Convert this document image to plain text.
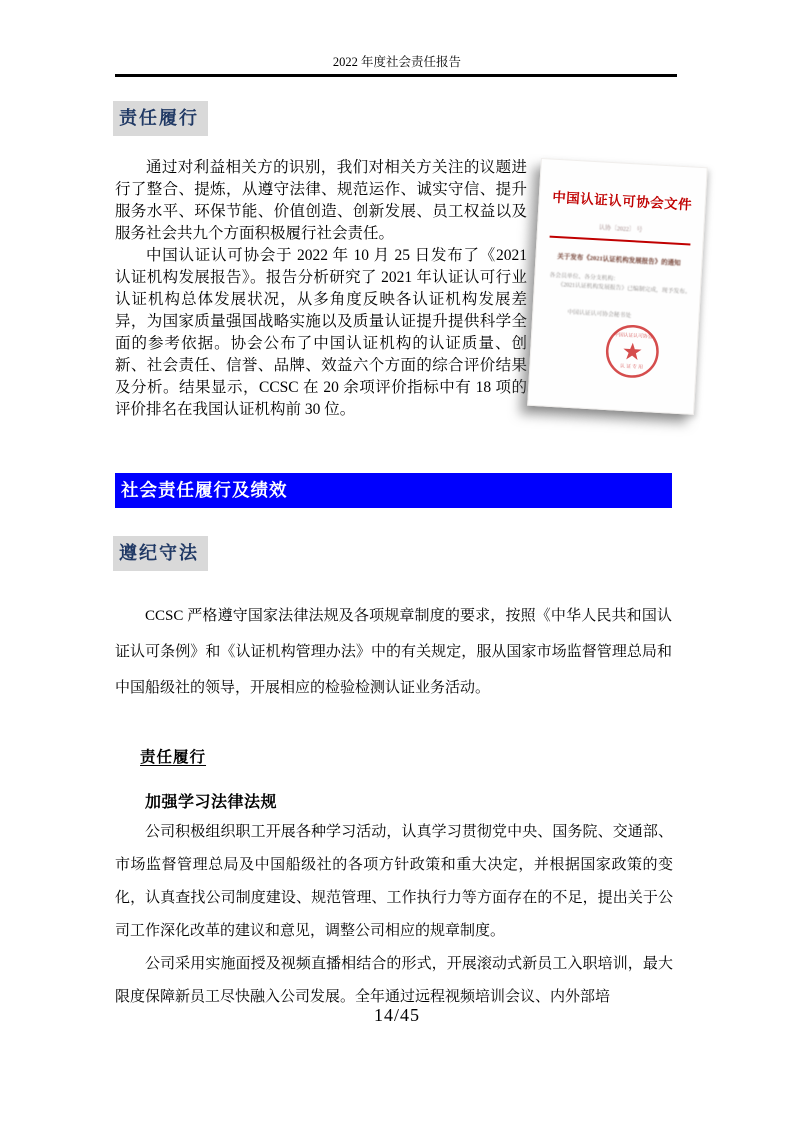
2022 年度社会责任报告
责任履行

通过对利益相关方的识别，我们对相关方关注的议题进行了整合、提炼，从遵守法律、规范运作、诚实守信、提升服务水平、环保节能、价值创造、创新发展、员工权益以及服务社会共九个方面积极履行社会责任。

中国认证认可协会于 2022 年 10 月 25 日发布了《2021 认证机构发展报告》。报告分析研究了 2021 年认证认可行业认证机构总体发展状况，从多角度反映各认证机构发展差异，为国家质量强国战略实施以及质量认证提升提供科学全面的参考依据。协会公布了中国认证机构的认证质量、创新、社会责任、信誉、品牌、效益六个方面的综合评价结果及分析。结果显示，CCSC 在 20 余项评价指标中有 18 项的评价排名在我国认证机构前 30 位。

中国认证认可协会文件
认协〔2022〕 号
关于发布《2021认证机构发展报告》的通知
各会员单位、各分支机构：
《2021认证机构发展报告》已编制完成，现予发布。
中国认证认可协会秘书处
中国认证认可协会
认 证 专 用
社会责任履行及绩效
遵纪守法

CCSC 严格遵守国家法律法规及各项规章制度的要求，按照《中华人民共和国认证认可条例》和《认证机构管理办法》中的有关规定，服从国家市场监督管理总局和中国船级社的领导，开展相应的检验检测认证业务活动。

责任履行
加强学习法律法规

公司积极组织职工开展各种学习活动，认真学习贯彻党中央、国务院、交通部、市场监督管理总局及中国船级社的各项方针政策和重大决定，并根据国家政策的变化，认真查找公司制度建设、规范管理、工作执行力等方面存在的不足，提出关于公司工作深化改革的建议和意见，调整公司相应的规章制度。

公司采用实施面授及视频直播相结合的形式，开展滚动式新员工入职培训，最大限度保障新员工尽快融入公司发展。全年通过远程视频培训会议、内外部培

14/45
